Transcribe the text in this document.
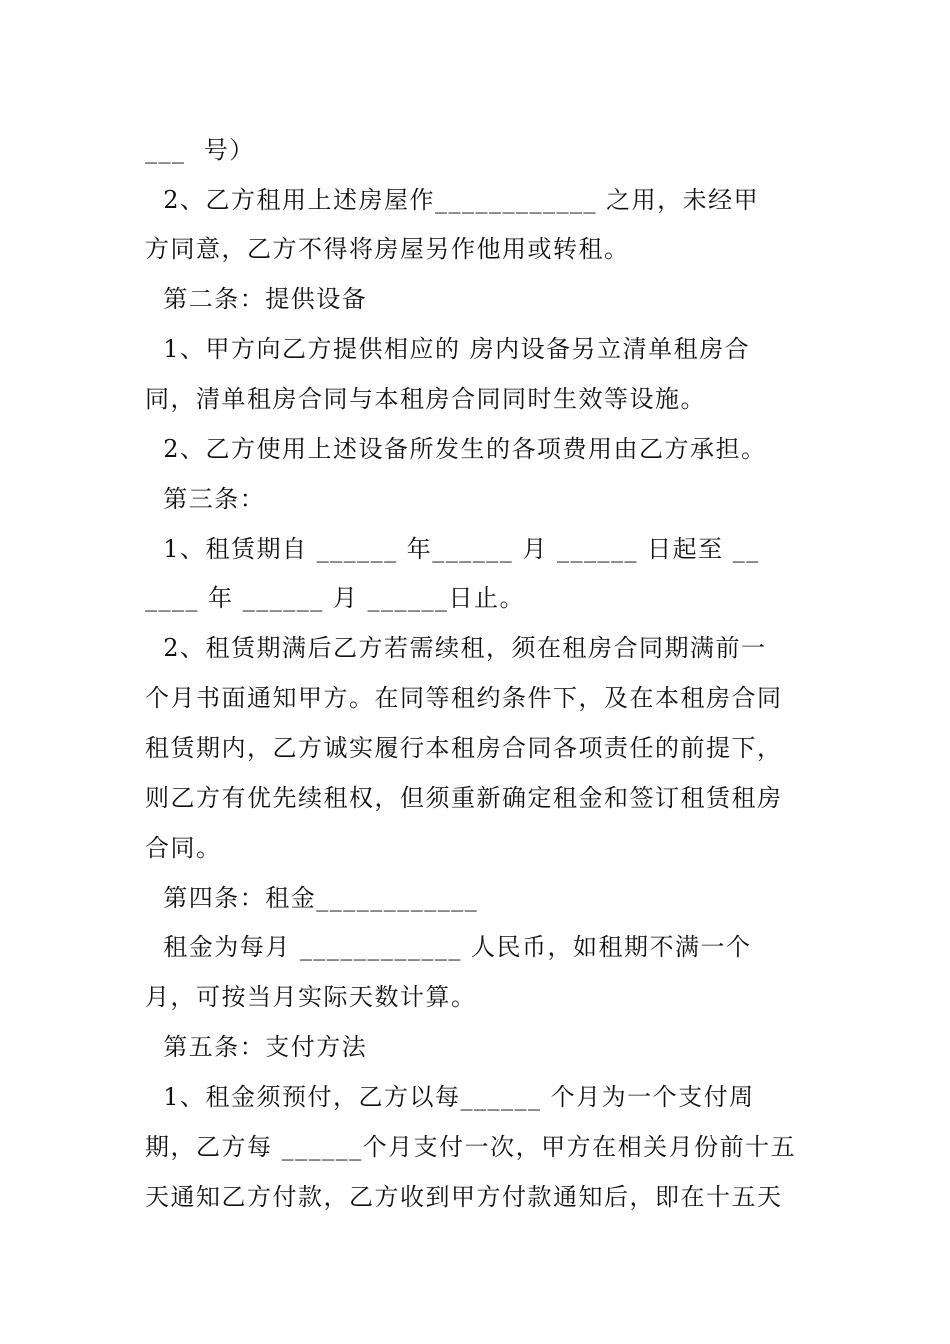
___  号）
2、乙方租用上述房屋作____________ 之用，未经甲
方同意，乙方不得将房屋另作他用或转租。
第二条：提供设备
1、甲方向乙方提供相应的 房内设备另立清单租房合
同，清单租房合同与本租房合同同时生效等设施。
2、乙方使用上述设备所发生的各项费用由乙方承担。
第三条：
1、租赁期自 ______ 年______ 月 ______ 日起至 __
____ 年 ______ 月 ______日止。
2、租赁期满后乙方若需续租，须在租房合同期满前一
个月书面通知甲方。在同等租约条件下，及在本租房合同
租赁期内，乙方诚实履行本租房合同各项责任的前提下，
则乙方有优先续租权，但须重新确定租金和签订租赁租房
合同。
第四条：租金____________
租金为每月 ____________ 人民币，如租期不满一个
月，可按当月实际天数计算。
第五条：支付方法
1、租金须预付，乙方以每______ 个月为一个支付周
期，乙方每 ______个月支付一次，甲方在相关月份前十五
天通知乙方付款，乙方收到甲方付款通知后，即在十五天
